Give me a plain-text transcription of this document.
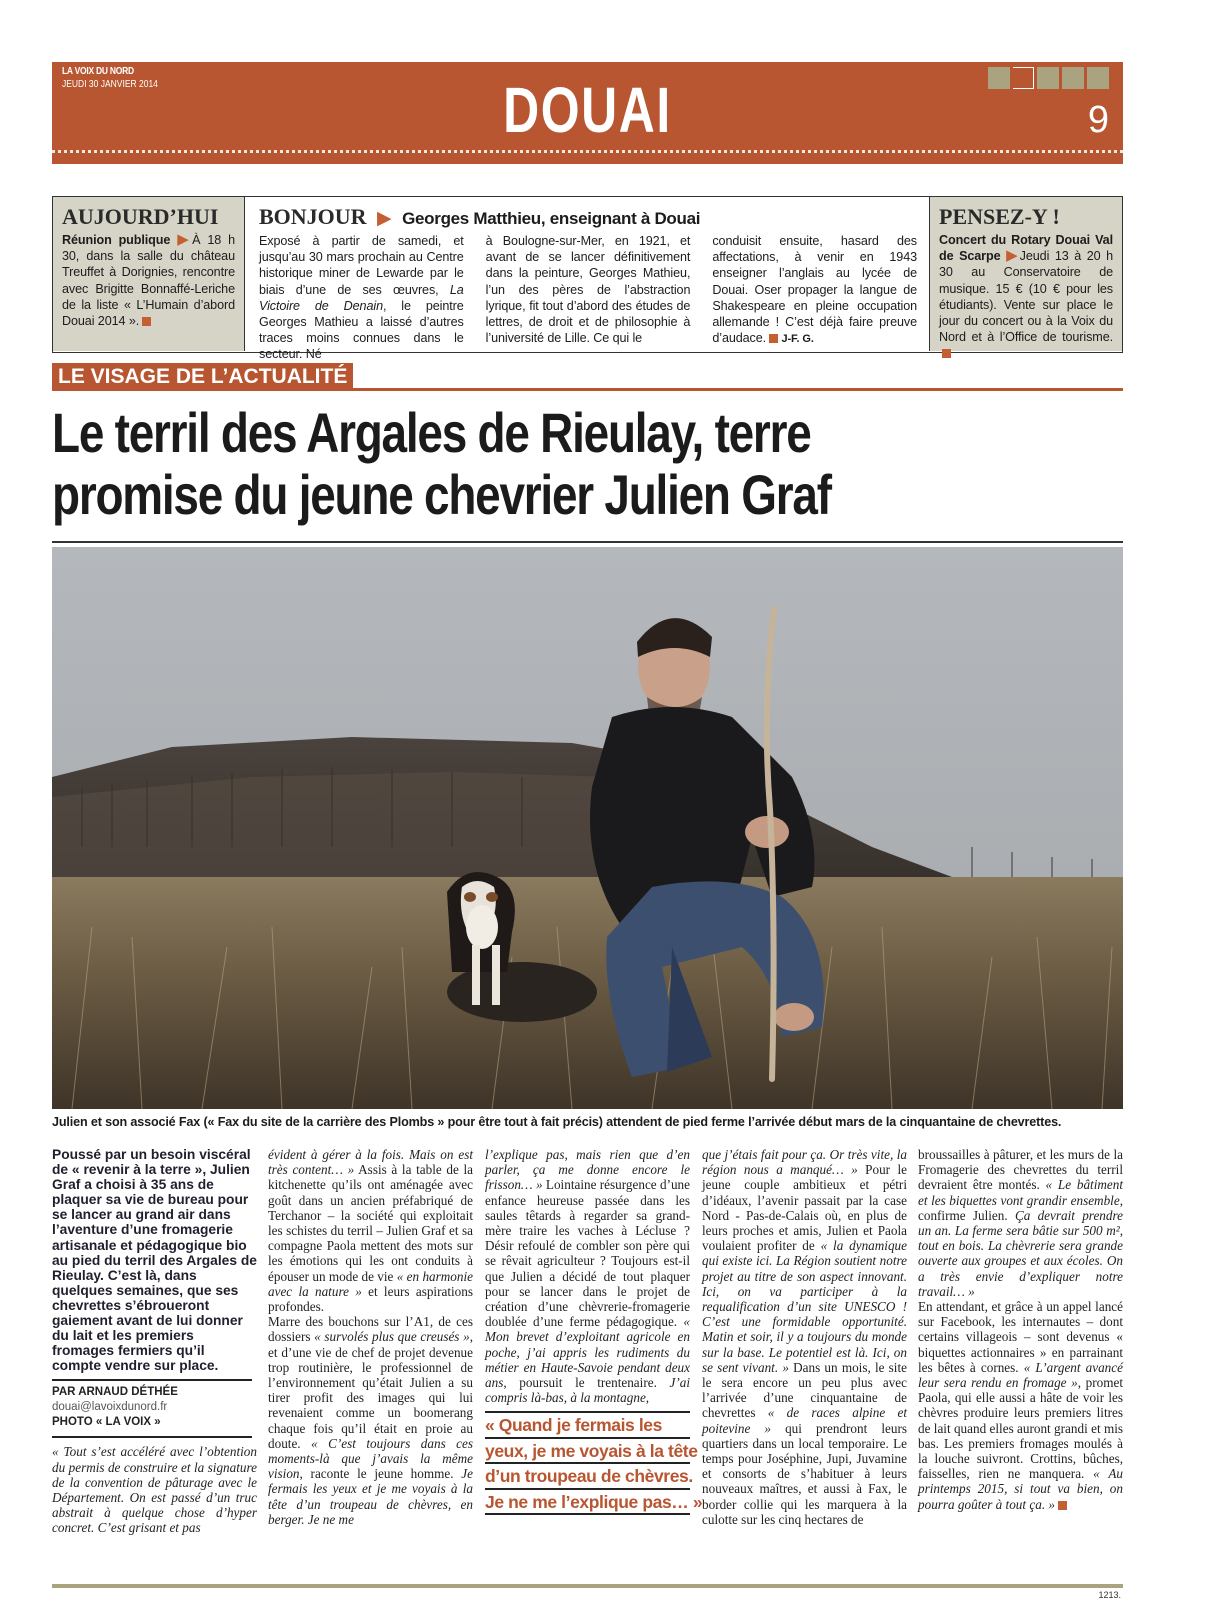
LA VOIX DU NORD
JEUDI 30 JANVIER 2014	DOUAI	9
AUJOURD’HUI
Réunion publique ▶À 18 h 30, dans la salle du château Treuffet à Dorignies, rencontre avec Brigitte Bonnaffé-Leriche de la liste « L’Humain d’abord Douai 2014 ».
BONJOUR ▶ Georges Matthieu, enseignant à Douai
Exposé à partir de samedi, et jusqu’au 30 mars prochain au Centre historique miner de Lewarde par le biais d’une de ses œuvres, La Victoire de Denain, le peintre Georges Mathieu a laissé d’autres traces moins connues dans le secteur. Né
à Boulogne-sur-Mer, en 1921, et avant de se lancer définitivement dans la peinture, Georges Mathieu, l’un des pères de l’abstraction lyrique, fit tout d’abord des études de lettres, de droit et de philosophie à l’université de Lille. Ce qui le
conduisit ensuite, hasard des affectations, à venir en 1943 enseigner l’anglais au lycée de Douai. Oser propager la langue de Shakespeare en pleine occupation allemande ! C’est déjà faire preuve d’audace. J-F. G.
PENSEZ-Y !
Concert du Rotary Douai Val de Scarpe ▶Jeudi 13 à 20 h 30 au Conservatoire de musique. 15 € (10 € pour les étudiants). Vente sur place le jour du concert ou à la Voix du Nord et à l’Office de tourisme.
LE VISAGE DE L’ACTUALITÉ
Le terril des Argales de Rieulay, terre
promise du jeune chevrier Julien Graf
Julien et son associé Fax (« Fax du site de la carrière des Plombs » pour être tout à fait précis) attendent de pied ferme l’arrivée début mars de la cinquantaine de chevrettes.
Poussé par un besoin viscéral de « revenir à la terre », Julien Graf a choisi à 35 ans de plaquer sa vie de bureau pour se lancer au grand air dans l’aventure d’une fromagerie artisanale et pédagogique bio au pied du terril des Argales de Rieulay. C’est là, dans quelques semaines, que ses chevrettes s’ébroueront gaiement avant de lui donner du lait et les premiers fromages fermiers qu’il compte vendre sur place.
PAR ARNAUD DÉTHÉE
douai@lavoixdunord.fr
PHOTO « LA VOIX »
« Tout s’est accéléré avec l’obtention du permis de construire et la signature de la convention de pâturage avec le Département. On est passé d’un truc abstrait à quelque chose d’hyper concret. C’est grisant et pas
évident à gérer à la fois. Mais on est très content… » Assis à la table de la kitchenette qu’ils ont aménagée avec goût dans un ancien préfabriqué de Terchanor – la société qui exploitait les schistes du terril – Julien Graf et sa compagne Paola mettent des mots sur les émotions qui les ont conduits à épouser un mode de vie « en harmonie avec la nature » et leurs aspirations profondes.
Marre des bouchons sur l’A1, de ces dossiers « survolés plus que creusés », et d’une vie de chef de projet devenue trop routinière, le professionnel de l’environnement qu’était Julien a su tirer profit des images qui lui revenaient comme un boomerang chaque fois qu’il était en proie au doute. « C’est toujours dans ces moments-là que j’avais la même vision, raconte le jeune homme. Je fermais les yeux et je me voyais à la tête d’un troupeau de chèvres, en berger. Je ne me
l’explique pas, mais rien que d’en parler, ça me donne encore le frisson… » Lointaine résurgence d’une enfance heureuse passée dans les saules têtards à regarder sa grand-mère traire les vaches à Lécluse ? Désir refoulé de combler son père qui se rêvait agriculteur ? Toujours est-il que Julien a décidé de tout plaquer pour se lancer dans le projet de création d’une chèvrerie-fromagerie doublée d’une ferme pédagogique. « Mon brevet d’exploitant agricole en poche, j’ai appris les rudiments du métier en Haute-Savoie pendant deux ans, poursuit le trentenaire. J’ai compris là-bas, à la montagne,
« Quand je fermais les
yeux, je me voyais à la tête
d’un troupeau de chèvres.
Je ne me l’explique pas… »
que j’étais fait pour ça. Or très vite, la région nous a manqué… » Pour le jeune couple ambitieux et pétri d’idéaux, l’avenir passait par la case Nord - Pas-de-Calais où, en plus de leurs proches et amis, Julien et Paola voulaient profiter de « la dynamique qui existe ici. La Région soutient notre projet au titre de son aspect innovant. Ici, on va participer à la requalification d’un site UNESCO ! C’est une formidable opportunité. Matin et soir, il y a toujours du monde sur la base. Le potentiel est là. Ici, on se sent vivant. » Dans un mois, le site le sera encore un peu plus avec l’arrivée d’une cinquantaine de chevrettes « de races alpine et poitevine » qui prendront leurs quartiers dans un local temporaire. Le temps pour Joséphine, Jupi, Juvamine et consorts de s’habituer à leurs nouveaux maîtres, et aussi à Fax, le border collie qui les marquera à la culotte sur les cinq hectares de
broussailles à pâturer, et les murs de la Fromagerie des chevrettes du terril devraient être montés. « Le bâtiment et les biquettes vont grandir ensemble, confirme Julien. Ça devrait prendre un an. La ferme sera bâtie sur 500 m², tout en bois. La chèvrerie sera grande ouverte aux groupes et aux écoles. On a très envie d’expliquer notre travail… »
En attendant, et grâce à un appel lancé sur Facebook, les internautes – dont certains villageois – sont devenus « biquettes actionnaires » en parrainant les bêtes à cornes. « L’argent avancé leur sera rendu en fromage », promet Paola, qui elle aussi a hâte de voir les chèvres produire leurs premiers litres de lait quand elles auront grandi et mis bas. Les premiers fromages moulés à la louche suivront. Crottins, bûches, faisselles, rien ne manquera. « Au printemps 2015, si tout va bien, on pourra goûter à tout ça. »
1213.
